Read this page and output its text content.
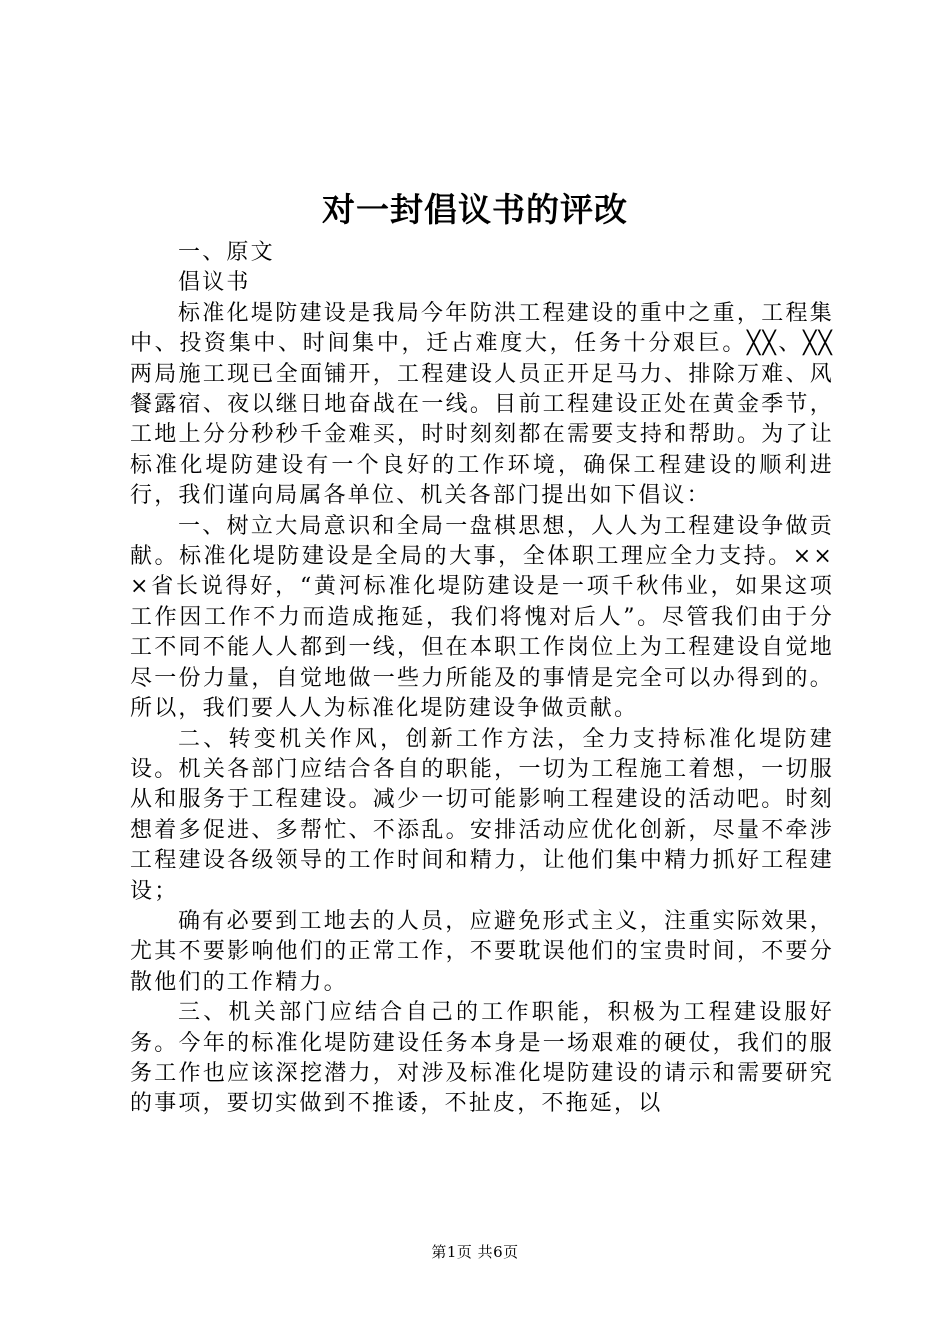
对一封倡议书的评改

一、原文

倡议书

标准化堤防建设是我局今年防洪工程建设的重中之重，工程集中、投资集中、时间集中，迁占难度大，任务十分艰巨。╳╳、╳╳两局施工现已全面铺开，工程建设人员正开足马力、排除万难、风餐露宿、夜以继日地奋战在一线。目前工程建设正处在黄金季节，工地上分分秒秒千金难买，时时刻刻都在需要支持和帮助。为了让标准化堤防建设有一个良好的工作环境，确保工程建设的顺利进行，我们谨向局属各单位、机关各部门提出如下倡议：

一、树立大局意识和全局一盘棋思想，人人为工程建设争做贡献。标准化堤防建设是全局的大事，全体职工理应全力支持。×××省长说得好，“黄河标准化堤防建设是一项千秋伟业，如果这项工作因工作不力而造成拖延，我们将愧对后人”。尽管我们由于分工不同不能人人都到一线，但在本职工作岗位上为工程建设自觉地尽一份力量，自觉地做一些力所能及的事情是完全可以办得到的。所以，我们要人人为标准化堤防建设争做贡献。

二、转变机关作风，创新工作方法，全力支持标准化堤防建设。机关各部门应结合各自的职能，一切为工程施工着想，一切服从和服务于工程建设。减少一切可能影响工程建设的活动吧。时刻想着多促进、多帮忙、不添乱。安排活动应优化创新，尽量不牵涉工程建设各级领导的工作时间和精力，让他们集中精力抓好工程建设；

确有必要到工地去的人员，应避免形式主义，注重实际效果，尤其不要影响他们的正常工作，不要耽误他们的宝贵时间，不要分散他们的工作精力。

三、机关部门应结合自己的工作职能，积极为工程建设服好务。今年的标准化堤防建设任务本身是一场艰难的硬仗，我们的服务工作也应该深挖潜力，对涉及标准化堤防建设的请示和需要研究的事项，要切实做到不推诿，不扯皮，不拖延，以

第1页 共6页
